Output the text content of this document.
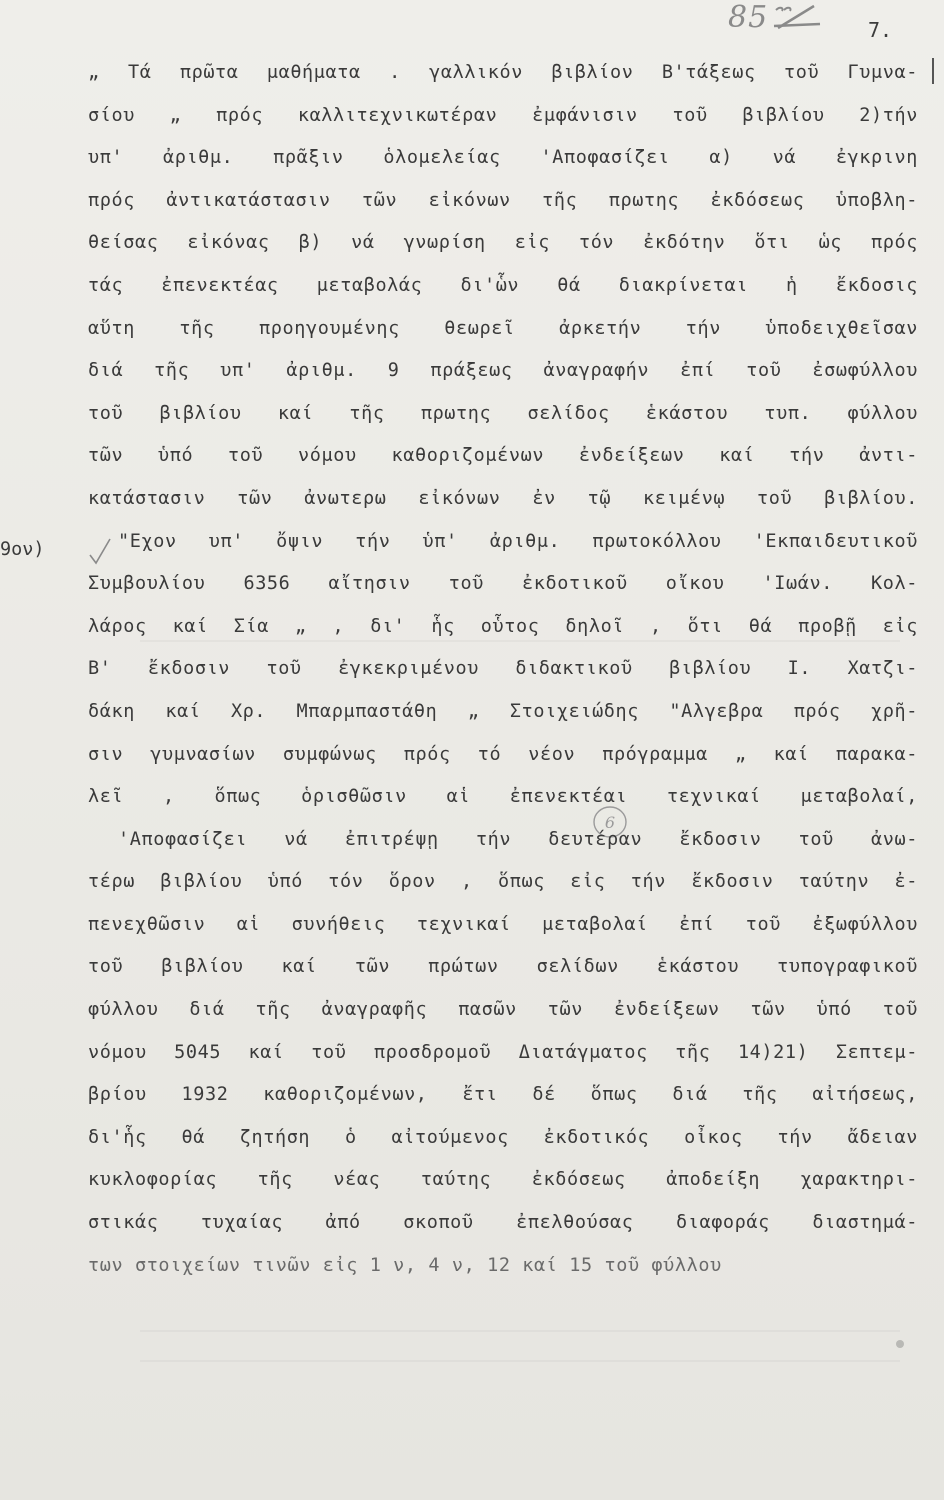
85	7.
9ον)
6
„ Τά πρῶτα μαθήματα . γαλλικόν βιβλίον Β'τάξεως τοῦ Γυμνα-
σίου „ πρός καλλιτεχνικωτέραν ἐμφάνισιν τοῦ βιβλίου 2)τήν
υπ' ἀριθμ. πρᾶξιν ὁλομελείας 'Αποφασίζει α) νά ἐγκρινη
πρός ἀντικατάστασιν τῶν εἰκόνων τῆς πρωτης ἐκδόσεως ὑποβλη-
θείσας εἰκόνας β) νά γνωρίση εἰς τόν ἐκδότην ὅτι ὡς πρός
τάς ἐπενεκτέας μεταβολάς δι'ὧν θά διακρίνεται ἡ ἔκδοσις
αὕτη τῆς προηγουμένης θεωρεῖ ἀρκετήν τήν ὑποδειχθεῖσαν
διά τῆς υπ' ἀριθμ. 9 πράξεως ἀναγραφήν ἐπί τοῦ ἐσωφύλλου
τοῦ βιβλίου καί τῆς πρωτης σελίδος ἑκάστου τυπ. φύλλου
τῶν ὑπό τοῦ νόμου καθοριζομένων ἐνδείξεων καί τήν ἀντι-
κατάστασιν τῶν ἀνωτερω εἰκόνων ἐν τῷ κειμένῳ τοῦ βιβλίου.
"Εχον υπ' ὄψιν τήν ὑπ' ἀριθμ. πρωτοκόλλου 'Εκπαιδευτικοῦ
Συμβουλίου 6356 αἴτησιν τοῦ ἐκδοτικοῦ οἴκου 'Ιωάν. Κολ-
λάρος καί Σία „ , δι' ἧς οὗτος δηλοῖ , ὅτι θά προβῇ εἰς
Β' ἔκδοσιν τοῦ ἐγκεκριμένου διδακτικοῦ βιβλίου Ι. Χατζι-
δάκη καί Χρ. Μπαρμπαστάθη „ Στοιχειώδης "Αλγεβρα πρός χρῆ-
σιν γυμνασίων συμφώνως πρός τό νέον πρόγραμμα „ καί παρακα-
λεῖ , ὅπως ὁρισθῶσιν αἱ ἐπενεκτέαι τεχνικαί μεταβολαί,
'Αποφασίζει νά ἐπιτρέψῃ τήν δευτέραν ἔκδοσιν τοῦ ἀνω-
τέρω βιβλίου ὑπό τόν ὅρον , ὅπως εἰς τήν ἔκδοσιν ταύτην ἐ-
πενεχθῶσιν αἱ συνήθεις τεχνικαί μεταβολαί ἐπί τοῦ ἐξωφύλλου
τοῦ βιβλίου καί τῶν πρώτων σελίδων ἑκάστου τυπογραφικοῦ
φύλλου διά τῆς ἀναγραφῆς πασῶν τῶν ἐνδείξεων τῶν ὑπό τοῦ
νόμου 5045 καί τοῦ προσδρομοῦ Διατάγματος τῆς 14)21) Σεπτεμ-
βρίου 1932 καθοριζομένων, ἔτι δέ ὅπως διά τῆς αἰτήσεως,
δι'ἧς θά ζητήση ὁ αἰτούμενος ἐκδοτικός οἶκος τήν ἄδειαν
κυκλοφορίας τῆς νέας ταύτης ἐκδόσεως ἀποδείξη χαρακτηρι-
στικάς τυχαίας ἀπό σκοποῦ ἐπελθούσας διαφοράς διαστημά-
των στοιχείων τινῶν εἰς 1 ν, 4 ν, 12 καί 15 τοῦ φύλλου
